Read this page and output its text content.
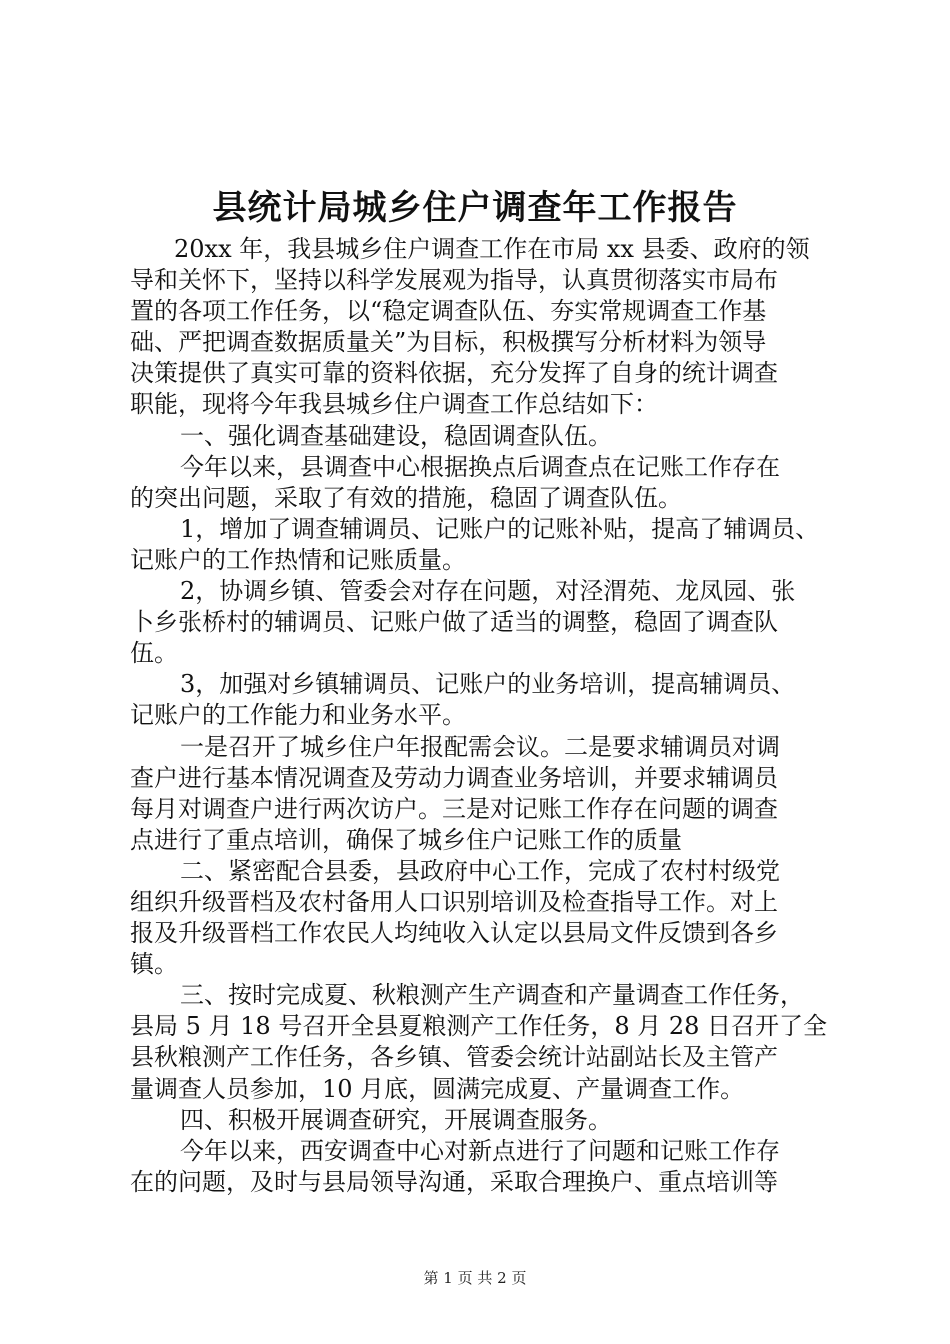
县统计局城乡住户调查年工作报告
20xx 年，我县城乡住户调查工作在市局 xx 县委、政府的领
导和关怀下，坚持以科学发展观为指导，认真贯彻落实市局布
置的各项工作任务，以“稳定调查队伍、夯实常规调查工作基
础、严把调查数据质量关”为目标，积极撰写分析材料为领导
决策提供了真实可靠的资料依据，充分发挥了自身的统计调查
职能，现将今年我县城乡住户调查工作总结如下：
一、强化调查基础建设，稳固调查队伍。
今年以来，县调查中心根据换点后调查点在记账工作存在
的突出问题，采取了有效的措施，稳固了调查队伍。
1，增加了调查辅调员、记账户的记账补贴，提高了辅调员、
记账户的工作热情和记账质量。
2，协调乡镇、管委会对存在问题，对泾渭苑、龙凤园、张
卜乡张桥村的辅调员、记账户做了适当的调整，稳固了调查队
伍。
3，加强对乡镇辅调员、记账户的业务培训，提高辅调员、
记账户的工作能力和业务水平。
一是召开了城乡住户年报配需会议。二是要求辅调员对调
查户进行基本情况调查及劳动力调查业务培训，并要求辅调员
每月对调查户进行两次访户。三是对记账工作存在问题的调查
点进行了重点培训，确保了城乡住户记账工作的质量
二、紧密配合县委，县政府中心工作，完成了农村村级党
组织升级晋档及农村备用人口识别培训及检查指导工作。对上
报及升级晋档工作农民人均纯收入认定以县局文件反馈到各乡
镇。
三、按时完成夏、秋粮测产生产调查和产量调查工作任务，
县局 5 月 18 号召开全县夏粮测产工作任务，8 月 28 日召开了全
县秋粮测产工作任务，各乡镇、管委会统计站副站长及主管产
量调查人员参加，10 月底，圆满完成夏、产量调查工作。
四、积极开展调查研究，开展调查服务。
今年以来，西安调查中心对新点进行了问题和记账工作存
在的问题，及时与县局领导沟通，采取合理换户、重点培训等
第 1 页 共 2 页
